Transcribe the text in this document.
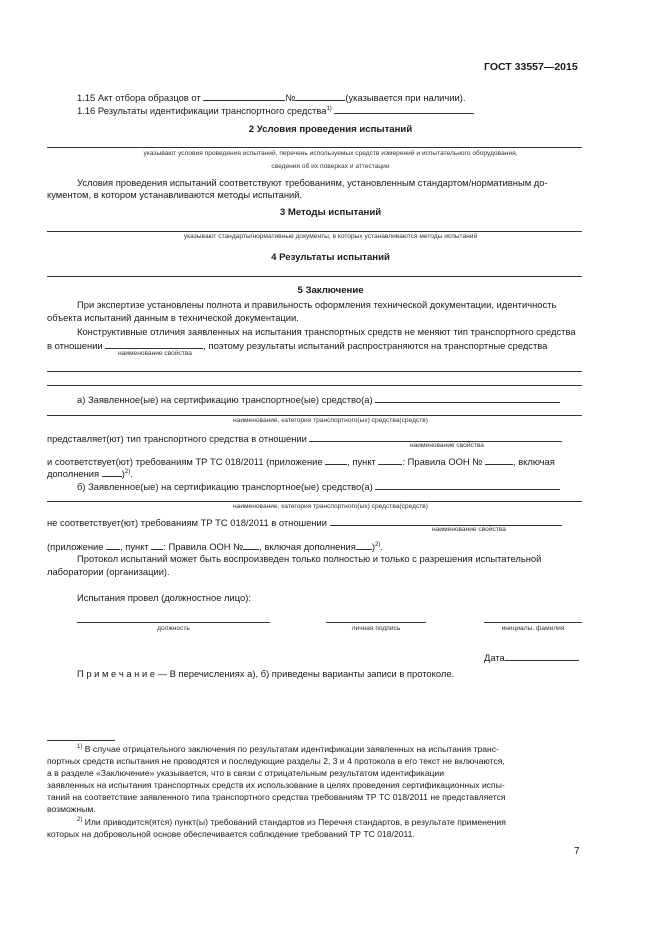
ГОСТ 33557—2015
1.15 Акт отбора образцов от	№	(указывается при наличии).
1.16 Результаты идентификации транспортного средства$^{1)}$
2 Условия проведения испытаний
указывают условия проведения испытаний, перечень используемых средств измерений и испытательного оборудования,
сведения об их поверках и аттестации
Условия проведения испытаний соответствуют требованиям, установленным стандартом/нормативным до-
кументом, в котором устанавливаются методы испытаний.
3 Методы испытаний
указывают стандарты/нормативные документы, в которых устанавливаются методы испытаний
4 Результаты испытаний
5 Заключение
При экспертизе установлены полнота и правильность оформления технической документации, идентичность
объекта испытаний данным в технической документации.
Конструктивные отличия заявленных на испытания транспортных средств не меняют тип транспортного средства
в отношении	, поэтому результаты испытаний распространяются на транспортные средства
наименование свойства
а) Заявленное(ые) на сертификацию транспортное(ые) средство(а)
наименование, категория транспортного(ых) средства(средств)
представляет(ют) тип транспортного средства в отношении
наименование свойства
и соответствует(ют) требованиям ТР ТС 018/2011 (приложение	, пункт	: Правила ООН №	, включая
дополнения )$^{2)}$.
б) Заявленное(ые) на сертификацию транспортное(ые) средство(а)
наименование, категория транспортного(ых) средства(средств)
не соответствует(ют) требованиям ТР ТС 018/2011 в отношении
наименование свойства
(приложение , пункт : Правила ООН № , включая дополнения )$^{2)}$.
Протокол испытаний может быть воспроизведен только полностью и только с разрешения испытательной
лаборатории (организации).
Испытания провел (должностное лицо):
должность	личная подпись	инициалы, фамилия
Дата
П р и м е ч а н и е — В перечислениях а), б) приведены варианты записи в протоколе.
$^{1)}$ В случае отрицательного заключения по результатам идентификации заявленных на испытания транс-
портных средств испытания не проводятся и последующие разделы 2, 3 и 4 протокола в его текст не включаются,
а в разделе «Заключение» указывается, что в связи с отрицательным результатом идентификации
заявленных на испытания транспортных средств их использование в целях проведения сертификационных испы-
таний на соответствие заявленного типа транспортного средства требованиям ТР ТС 018/2011 не представляется
возможным.
$^{2)}$ Или приводится(ятся) пункт(ы) требований стандартов из Перечня стандартов, в результате применения
которых на добровольной основе обеспечивается соблюдение требований ТР ТС 018/2011.
7
